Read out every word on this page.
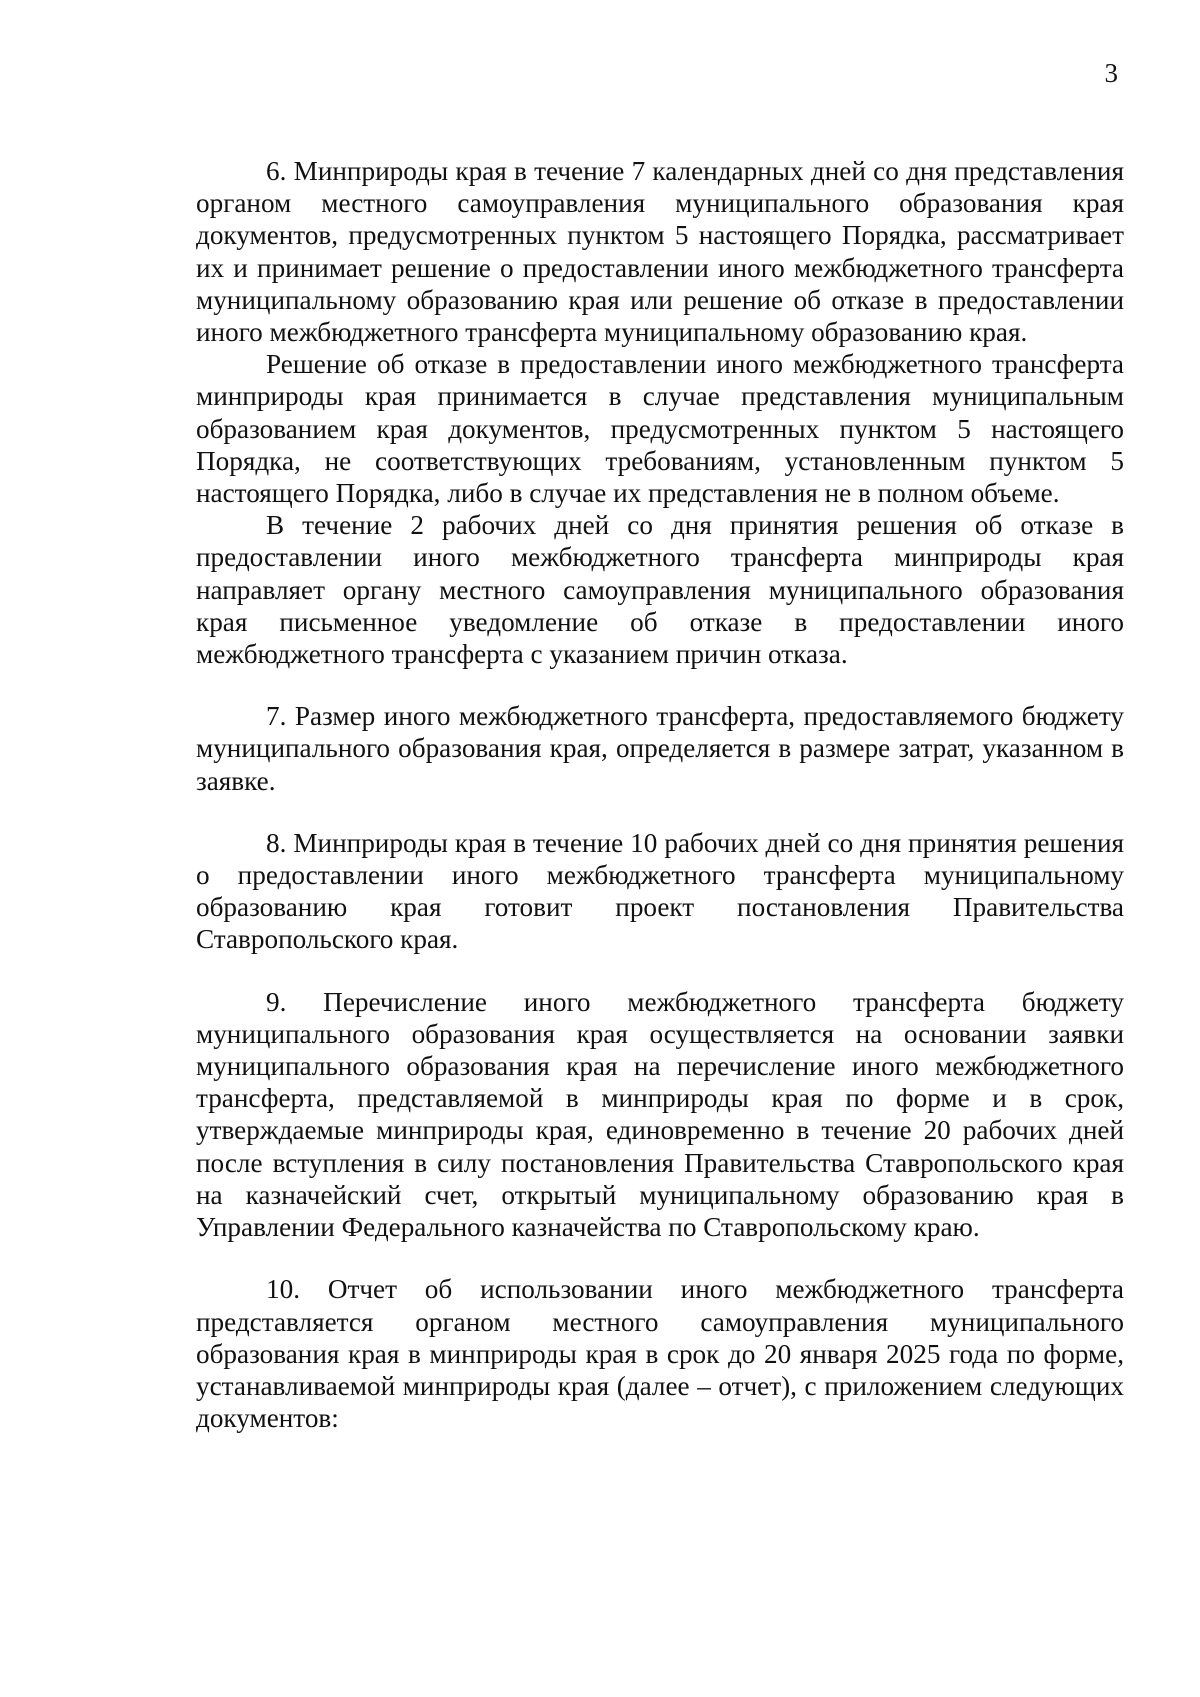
3

6. Минприроды края в течение 7 календарных дней со дня представления органом местного самоуправления муниципального образования края документов, предусмотренных пунктом 5 настоящего Порядка, рассматривает их и принимает решение о предоставлении иного межбюджетного трансферта муниципальному образованию края или решение об отказе в предоставлении иного межбюджетного трансферта муниципальному образованию края.

Решение об отказе в предоставлении иного межбюджетного трансферта минприроды края принимается в случае представления муниципальным образованием края документов, предусмотренных пунктом 5 настоящего Порядка, не соответствующих требованиям, установленным пунктом 5 настоящего Порядка, либо в случае их представления не в полном объеме.

В течение 2 рабочих дней со дня принятия решения об отказе в предоставлении иного межбюджетного трансферта минприроды края направляет органу местного самоуправления муниципального образования края письменное уведомление об отказе в предоставлении иного межбюджетного трансферта с указанием причин отказа.

7. Размер иного межбюджетного трансферта, предоставляемого бюджету муниципального образования края, определяется в размере затрат, указанном в заявке.

8. Минприроды края в течение 10 рабочих дней со дня принятия решения о предоставлении иного межбюджетного трансферта муниципальному образованию края готовит проект постановления Правительства Ставропольского края.

9. Перечисление иного межбюджетного трансферта бюджету муниципального образования края осуществляется на основании заявки муниципального образования края на перечисление иного межбюджетного трансферта, представляемой в минприроды края по форме и в срок, утверждаемые минприроды края, единовременно в течение 20 рабочих дней после вступления в силу постановления Правительства Ставропольского края на казначейский счет, открытый муниципальному образованию края в Управлении Федерального казначейства по Ставропольскому краю.

10. Отчет об использовании иного межбюджетного трансферта представляется органом местного самоуправления муниципального образования края в минприроды края в срок до 20 января 2025 года по форме, устанавливаемой минприроды края (далее – отчет), с приложением следующих документов:
